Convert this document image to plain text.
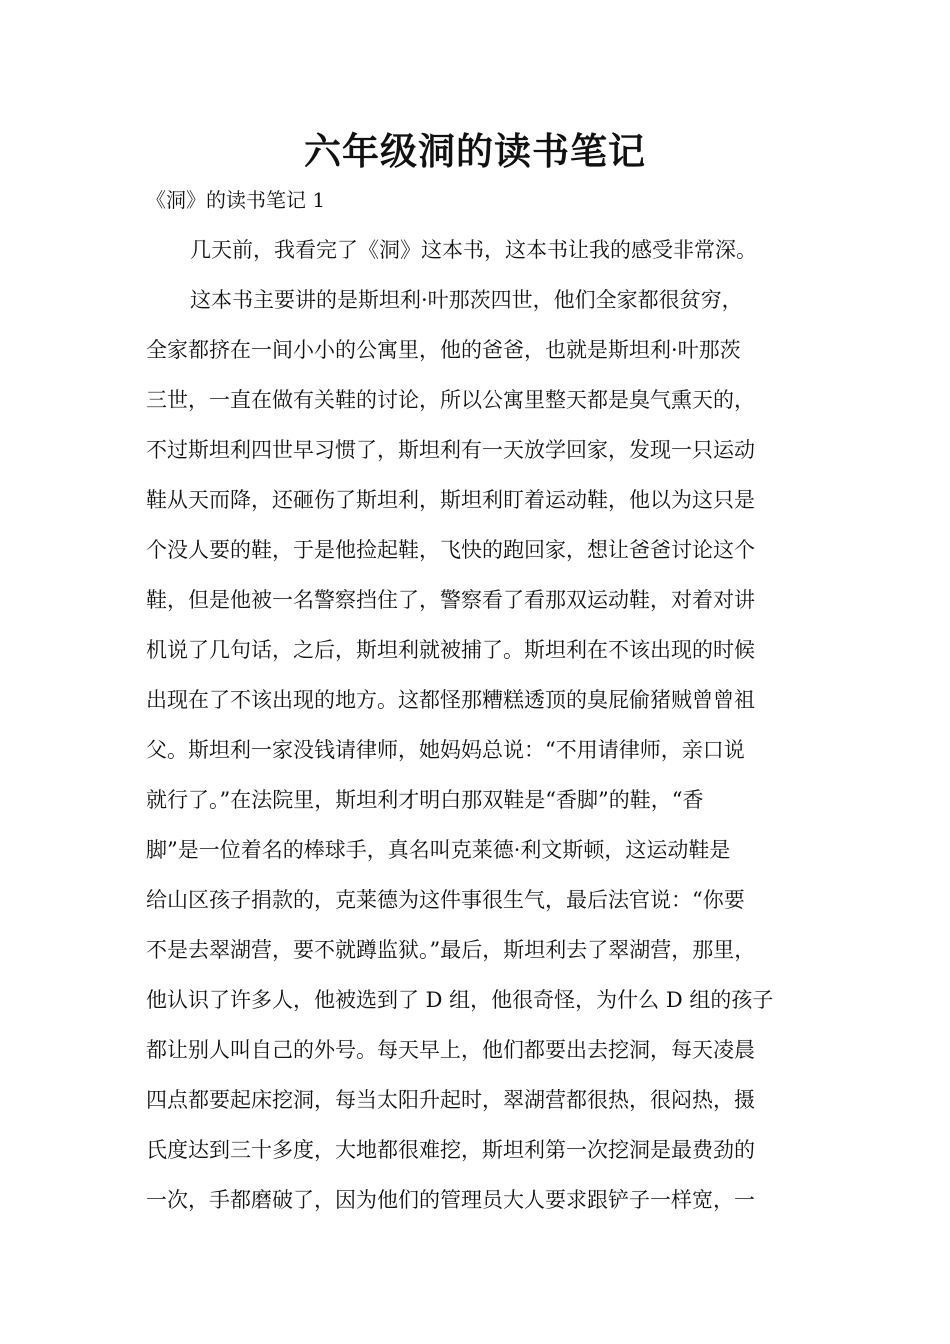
六年级洞的读书笔记

《洞》的读书笔记 1

几天前，我看完了《洞》这本书，这本书让我的感受非常深。

这本书主要讲的是斯坦利·叶那茨四世，他们全家都很贫穷，

全家都挤在一间小小的公寓里，他的爸爸，也就是斯坦利·叶那茨

三世，一直在做有关鞋的讨论，所以公寓里整天都是臭气熏天的，

不过斯坦利四世早习惯了，斯坦利有一天放学回家，发现一只运动

鞋从天而降，还砸伤了斯坦利，斯坦利盯着运动鞋，他以为这只是

个没人要的鞋，于是他捡起鞋，飞快的跑回家，想让爸爸讨论这个

鞋，但是他被一名警察挡住了，警察看了看那双运动鞋，对着对讲

机说了几句话，之后，斯坦利就被捕了。斯坦利在不该出现的时候

出现在了不该出现的地方。这都怪那糟糕透顶的臭屁偷猪贼曾曾祖

父。斯坦利一家没钱请律师，她妈妈总说：“不用请律师，亲口说

就行了。”在法院里，斯坦利才明白那双鞋是“香脚”的鞋，“香

脚”是一位着名的棒球手，真名叫克莱德·利文斯顿，这运动鞋是

给山区孩子捐款的，克莱德为这件事很生气，最后法官说：“你要

不是去翠湖营，要不就蹲监狱。”最后，斯坦利去了翠湖营，那里，

他认识了许多人，他被选到了 D 组，他很奇怪，为什么 D 组的孩子

都让别人叫自己的外号。每天早上，他们都要出去挖洞，每天凌晨

四点都要起床挖洞，每当太阳升起时，翠湖营都很热，很闷热，摄

氏度达到三十多度，大地都很难挖，斯坦利第一次挖洞是最费劲的

一次，手都磨破了，因为他们的管理员大人要求跟铲子一样宽，一
